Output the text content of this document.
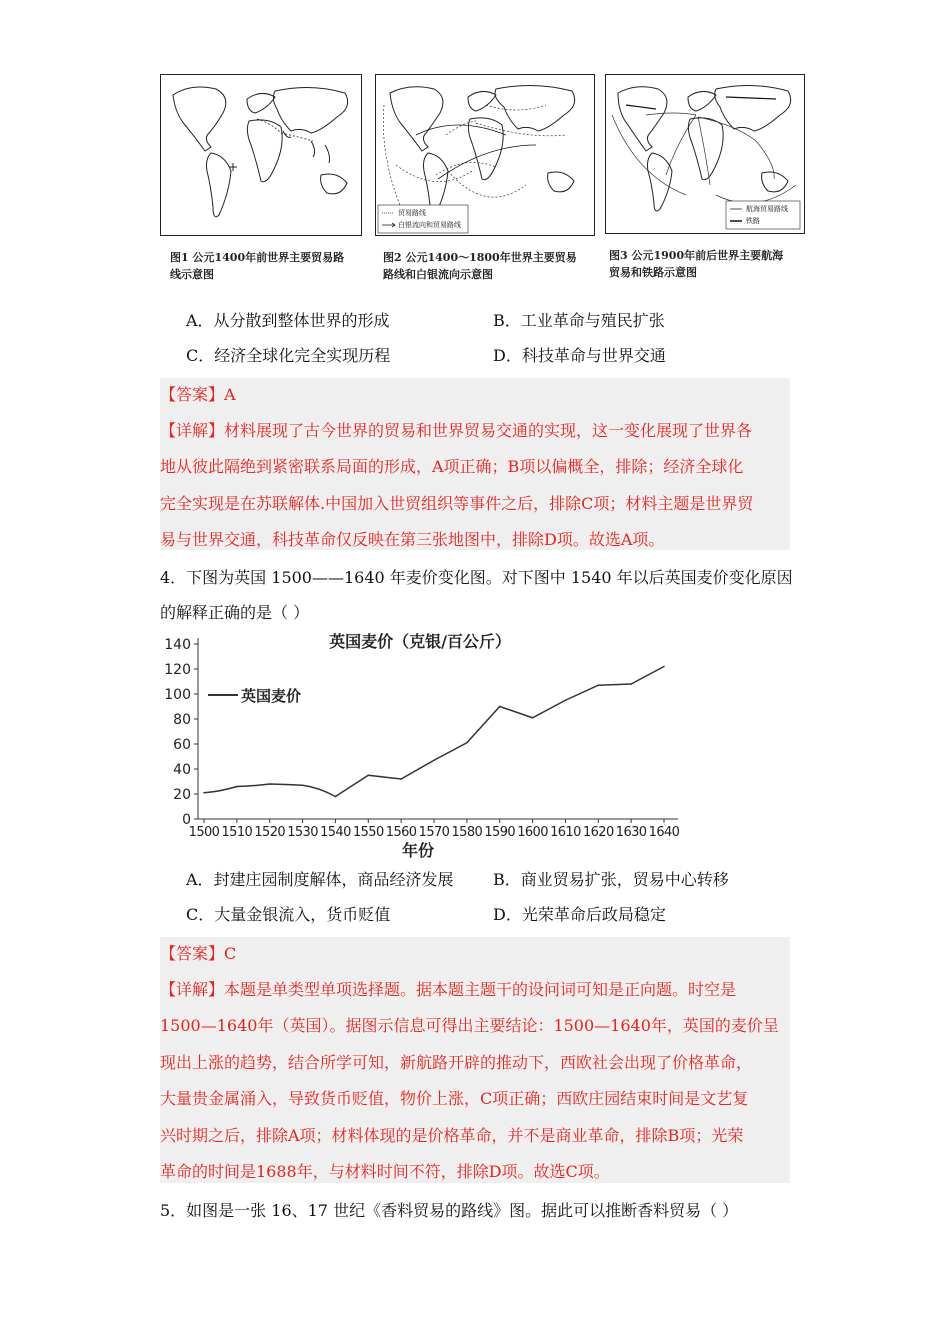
图1 公元1400年前世界主要贸易路
线示意图
贸易路线
白银流向和贸易路线
图2 公元1400～1800年世界主要贸易
路线和白银流向示意图
航海贸易路线
铁路
图3 公元1900年前后世界主要航海
贸易和铁路示意图
A．从分散到整体世界的形成	B．工业革命与殖民扩张
C．经济全球化完全实现历程	D．科技革命与世界交通
【答案】A
【详解】材料展现了古今世界的贸易和世界贸易交通的实现，这一变化展现了世界各
地从彼此隔绝到紧密联系局面的形成，A项正确；B项以偏概全，排除；经济全球化
完全实现是在苏联解体.中国加入世贸组织等事件之后，排除C项；材料主题是世界贸
易与世界交通，科技革命仅反映在第三张地图中，排除D项。故选A项。
4．下图为英国 1500——1640 年麦价变化图。对下图中 1540 年以后英国麦价变化原因
的解释正确的是（ ）
英国麦价（克银/百公斤）
年份
英国麦价
0
20
40
60
80
100
120
140
1500 1510 1520 1530 1540 1550 1560 1570 1580 1590 1600 1610 1620 1630 1640
A．封建庄园制度解体，商品经济发展 B．商业贸易扩张，贸易中心转移
C．大量金银流入，货币贬值	D．光荣革命后政局稳定
【答案】C
【详解】本题是单类型单项选择题。据本题主题干的设问词可知是正向题。时空是
1500—1640年（英国）。据图示信息可得出主要结论：1500—1640年，英国的麦价呈
现出上涨的趋势，结合所学可知，新航路开辟的推动下，西欧社会出现了价格革命，
大量贵金属涌入，导致货币贬值，物价上涨，C项正确；西欧庄园结束时间是文艺复
兴时期之后，排除A项；材料体现的是价格革命，并不是商业革命，排除B项；光荣
革命的时间是1688年，与材料时间不符，排除D项。故选C项。
5．如图是一张 16、17 世纪《香料贸易的路线》图。据此可以推断香料贸易（ ）
